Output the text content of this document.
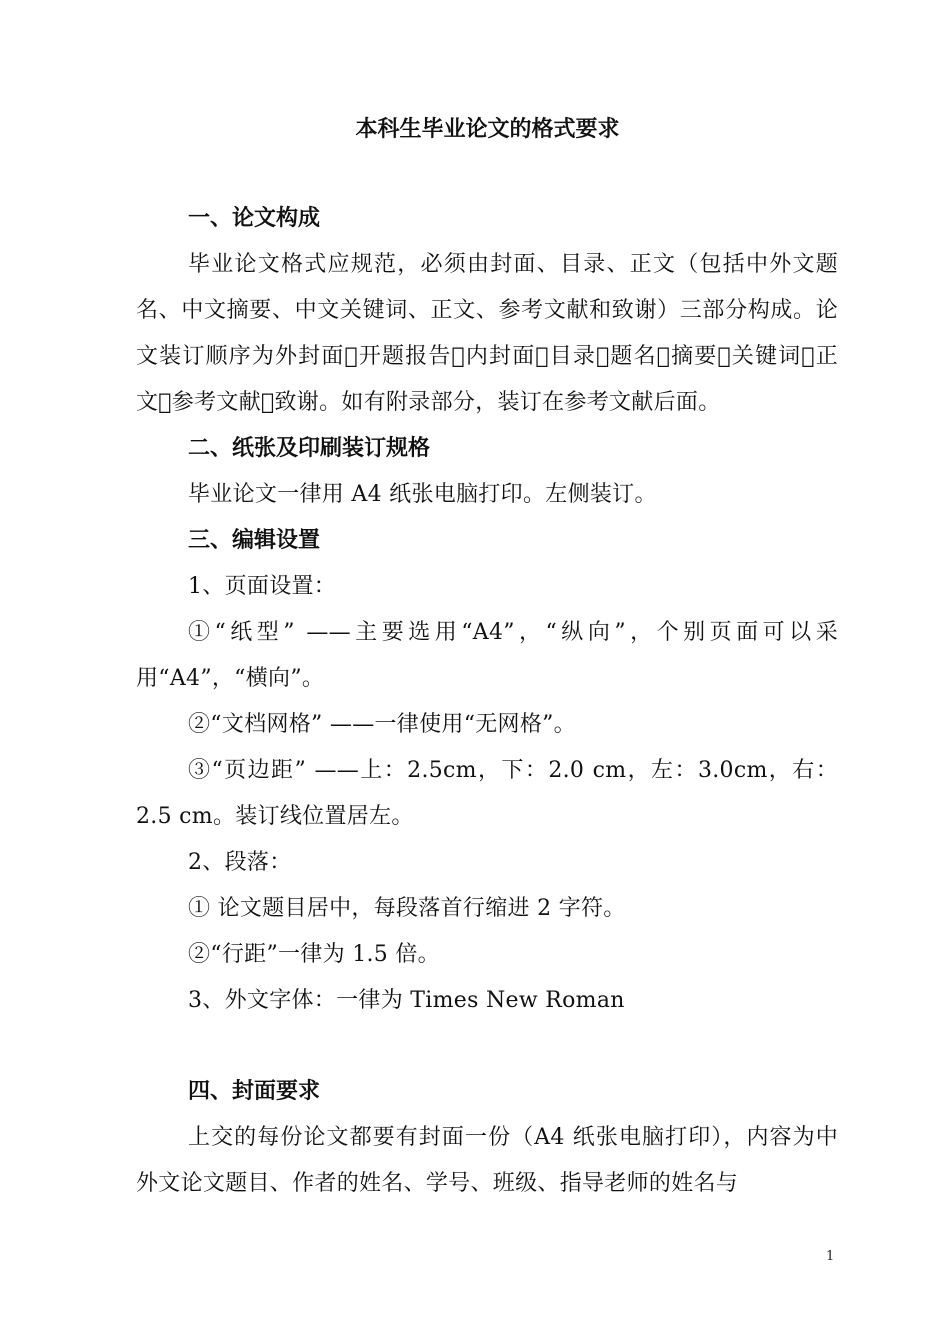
本科生毕业论文的格式要求

一、论文构成

毕业论文格式应规范，必须由封面、目录、正文（包括中外文题名、中文摘要、中文关键词、正文、参考文献和致谢）三部分构成。论文装订顺序为外封面 开题报告 内封面 目录 题名 摘要 关键词 正文 参考文献 致谢。如有附录部分，装订在参考文献后面。

二、纸张及印刷装订规格

毕业论文一律用 A4 纸张电脑打印。左侧装订。

三、编辑设置

1、页面设置：

①“纸型” ——主要选用“A4”，“纵向”，个别页面可以采用“A4”，“横向”。

②“文档网格” ——一律使用“无网格”。

③“页边距” ——上：2.5cm，下：2.0 cm，左：3.0cm，右：2.5 cm。装订线位置居左。

2、段落：

① 论文题目居中，每段落首行缩进 2 字符。

②“行距”一律为 1.5 倍。

3、外文字体：一律为 Times New Roman

四、封面要求

上交的每份论文都要有封面一份（A4 纸张电脑打印），内容为中外文论文题目、作者的姓名、学号、班级、指导老师的姓名与

1
